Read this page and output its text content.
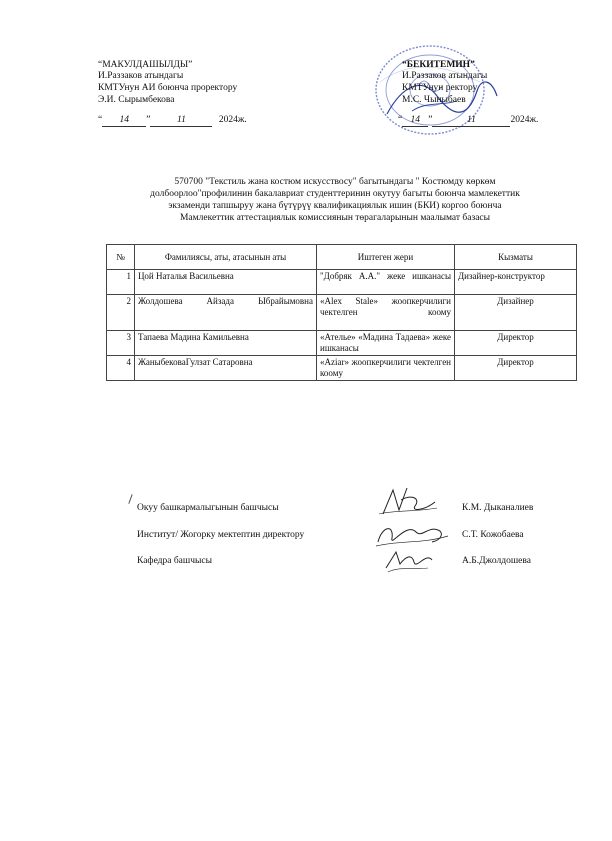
“МАКУЛДАШЫЛДЫ”
И.Раззаков атындагы
КМТУнун АИ боюнча проректору
Э.И. Сырымбекова
“ 14 ”	11	2024ж.
“БЕКИТЕМИН”
И.Раззаков атындагы
КМТУнун ректору
М.С. Чыныбаев
“ 14 ”	11	2024ж.
570700 "Текстиль жана костюм искусствосу" багытындагы " Костюмду көркөм
долбоорлоо"профилинин бакалавриат студенттеринин окутуу багыты боюнча мамлекеттик
экзаменди тапшыруу жана бүтүрүү квалификациялык ишин (БКИ) коргоо боюнча
Мамлекеттик аттестациялык комиссиянын төрагаларынын маалымат базасы
№	Фамилиясы, аты, атасынын аты	Иштеген жери	Кызматы
1	Цой Наталья Васильевна	"Добряк А.А." жеке ишканасы	Дизайнер-конструктор
2	Жолдошева Айзада Ыбрайымовна	«Alex Stale» жоопкерчилиги чектелген коому	Дизайнер
3	Тапаева Мадина Камильевна	«Ателье» «Мадина Тадаева» жеке ишканасы	Директор
4	ЖаныбековаГулзат Сатаровна	«Aziar» жоопкерчилиги чектелген коому	Директор
Окуу башкармалыгынын башчысы	К.М. Дыканалиев
Институт/ Жогорку мектептин директору	С.Т. Кожобаева
Кафедра башчысы	А.Б.Джолдошева
